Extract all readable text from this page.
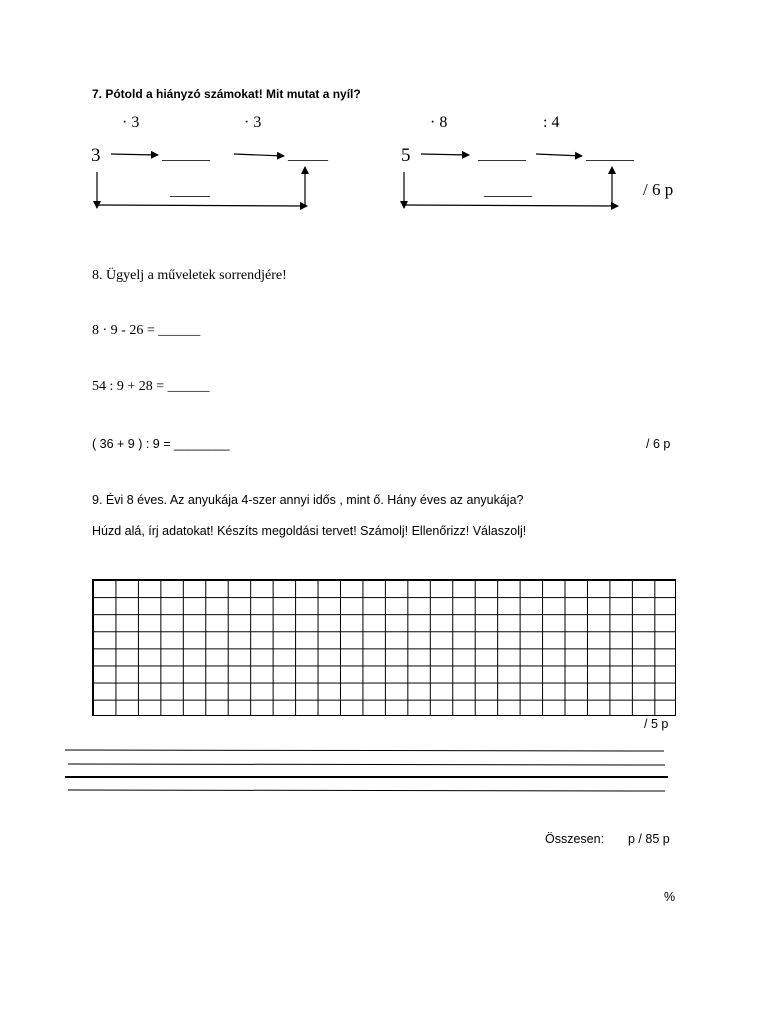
7. Pótold a hiányzó számokat! Mit mutat a nyíl?
· 3	· 3
3	______	_____
_____
· 8	: 4
5	______	______
______	/ 6 p
8. Ügyelj a műveletek sorrendjére!
8 · 9 - 26 = ______
54 : 9 + 28 = ______
( 36 + 9 ) : 9 = ________	/ 6 p
9. Évi 8 éves. Az anyukája 4-szer annyi idős , mint ő. Hány éves az anyukája?
Húzd alá, írj adatokat! Készíts megoldási tervet! Számolj! Ellenőrizz! Válaszolj!
/ 5 p
Összesen: p / 85 p
%
